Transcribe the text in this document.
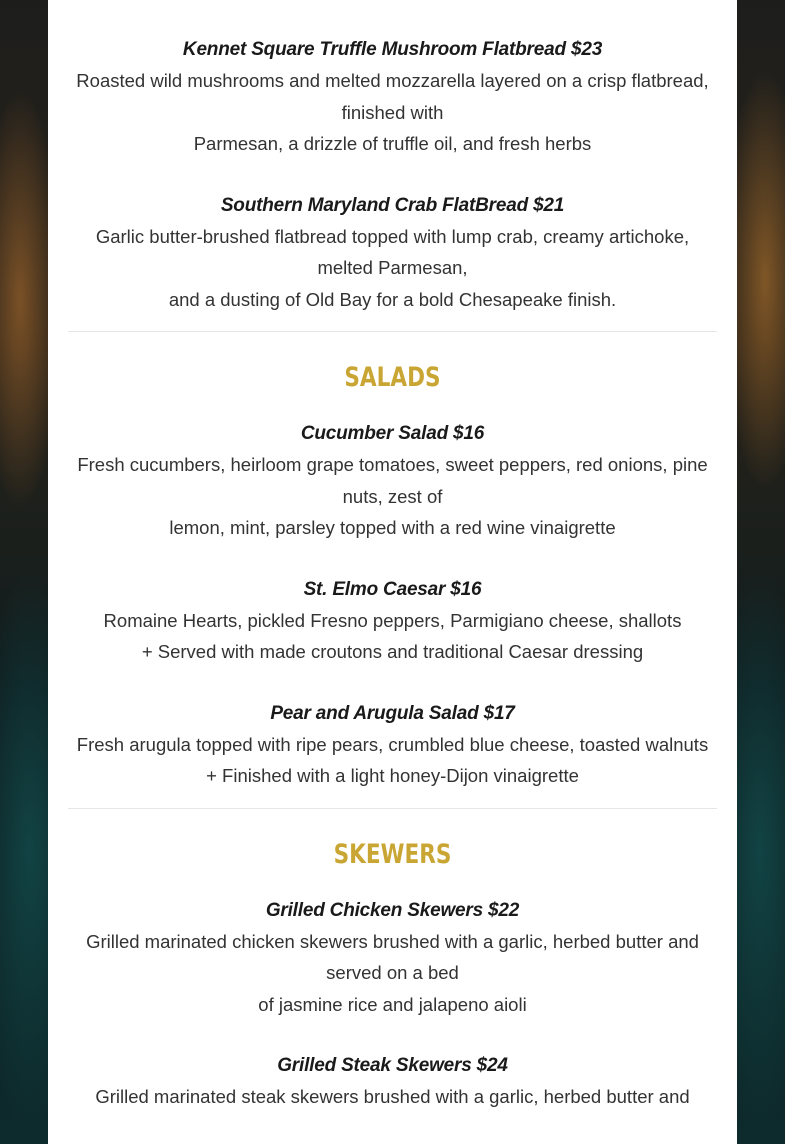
Kennet Square Truffle Mushroom Flatbread $23
Roasted wild mushrooms and melted mozzarella layered on a crisp flatbread, finished with
Parmesan, a drizzle of truffle oil, and fresh herbs
Southern Maryland Crab FlatBread $21
Garlic butter-brushed flatbread topped with lump crab, creamy artichoke, melted Parmesan,
and a dusting of Old Bay for a bold Chesapeake finish.
SALADS
Cucumber Salad $16
Fresh cucumbers, heirloom grape tomatoes, sweet peppers, red onions, pine nuts, zest of
lemon, mint, parsley topped with a red wine vinaigrette
St. Elmo Caesar $16
Romaine Hearts, pickled Fresno peppers, Parmigiano cheese, shallots
+ Served with made croutons and traditional Caesar dressing
Pear and Arugula Salad $17
Fresh arugula topped with ripe pears, crumbled blue cheese, toasted walnuts
+ Finished with a light honey-Dijon vinaigrette
SKEWERS
Grilled Chicken Skewers $22
Grilled marinated chicken skewers brushed with a garlic, herbed butter and served on a bed
of jasmine rice and jalapeno aioli
Grilled Steak Skewers $24
Grilled marinated steak skewers brushed with a garlic, herbed butter and
